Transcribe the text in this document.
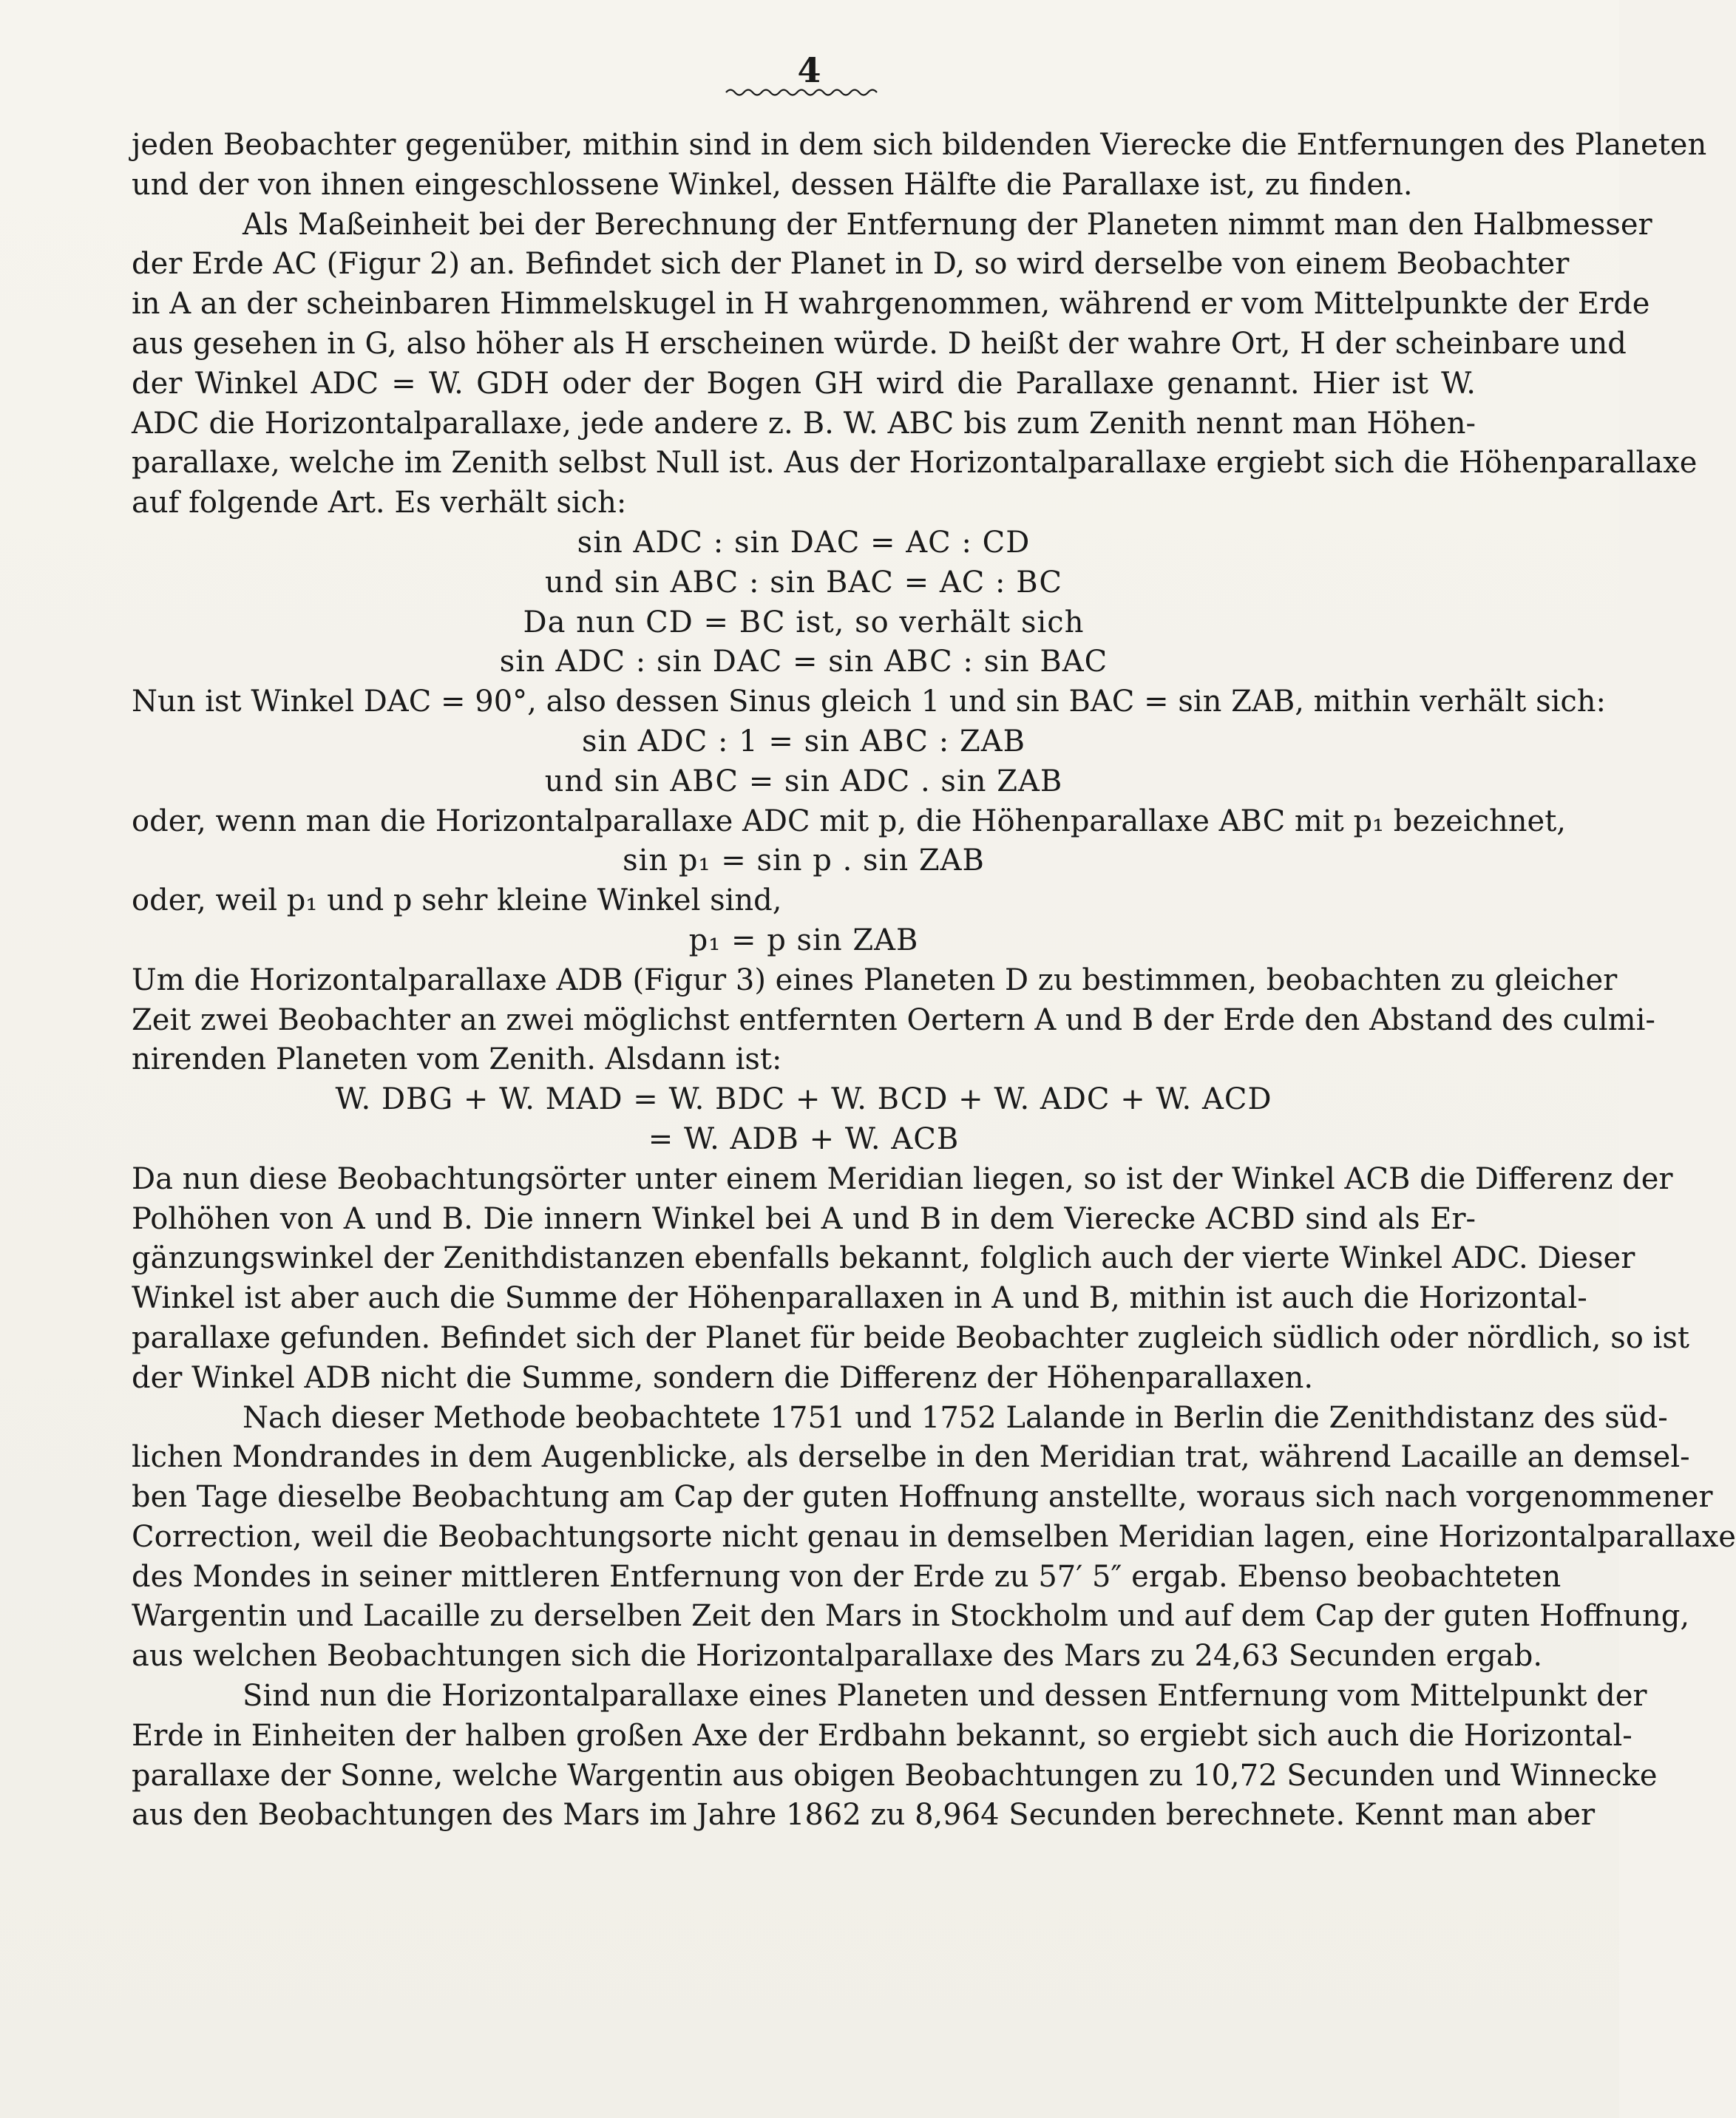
4
jeden Beobachter gegenüber, mithin sind in dem sich bildenden Vierecke die Entfernungen des Planeten
und der von ihnen eingeschlossene Winkel, dessen Hälfte die Parallaxe ist, zu finden.
Als Maßeinheit bei der Berechnung der Entfernung der Planeten nimmt man den Halbmesser
der Erde AC (Figur 2) an. Befindet sich der Planet in D, so wird derselbe von einem Beobachter
in A an der scheinbaren Himmelskugel in H wahrgenommen, während er vom Mittelpunkte der Erde
aus gesehen in G, also höher als H erscheinen würde. D heißt der wahre Ort, H der scheinbare und
der Winkel ADC = W. GDH oder der Bogen GH wird die Parallaxe genannt. Hier ist W.
ADC die Horizontalparallaxe, jede andere z. B. W. ABC bis zum Zenith nennt man Höhen-
parallaxe, welche im Zenith selbst Null ist. Aus der Horizontalparallaxe ergiebt sich die Höhenparallaxe
auf folgende Art. Es verhält sich:
sin ADC : sin DAC = AC : CD
und sin ABC : sin BAC = AC : BC
Da nun CD = BC ist, so verhält sich
sin ADC : sin DAC = sin ABC : sin BAC
Nun ist Winkel DAC = 90°, also dessen Sinus gleich 1 und sin BAC = sin ZAB, mithin verhält sich:
sin ADC : 1 = sin ABC : ZAB
und sin ABC = sin ADC . sin ZAB
oder, wenn man die Horizontalparallaxe ADC mit p, die Höhenparallaxe ABC mit p₁ bezeichnet,
sin p₁ = sin p . sin ZAB
oder, weil p₁ und p sehr kleine Winkel sind,
p₁ = p sin ZAB
Um die Horizontalparallaxe ADB (Figur 3) eines Planeten D zu bestimmen, beobachten zu gleicher
Zeit zwei Beobachter an zwei möglichst entfernten Oertern A und B der Erde den Abstand des culmi-
nirenden Planeten vom Zenith. Alsdann ist:
W. DBG + W. MAD = W. BDC + W. BCD + W. ADC + W. ACD
= W. ADB + W. ACB
Da nun diese Beobachtungsörter unter einem Meridian liegen, so ist der Winkel ACB die Differenz der
Polhöhen von A und B. Die innern Winkel bei A und B in dem Vierecke ACBD sind als Er-
gänzungswinkel der Zenithdistanzen ebenfalls bekannt, folglich auch der vierte Winkel ADC. Dieser
Winkel ist aber auch die Summe der Höhenparallaxen in A und B, mithin ist auch die Horizontal-
parallaxe gefunden. Befindet sich der Planet für beide Beobachter zugleich südlich oder nördlich, so ist
der Winkel ADB nicht die Summe, sondern die Differenz der Höhenparallaxen.
Nach dieser Methode beobachtete 1751 und 1752 Lalande in Berlin die Zenithdistanz des süd-
lichen Mondrandes in dem Augenblicke, als derselbe in den Meridian trat, während Lacaille an demsel-
ben Tage dieselbe Beobachtung am Cap der guten Hoffnung anstellte, woraus sich nach vorgenommener
Correction, weil die Beobachtungsorte nicht genau in demselben Meridian lagen, eine Horizontalparallaxe
des Mondes in seiner mittleren Entfernung von der Erde zu 57′ 5″ ergab. Ebenso beobachteten
Wargentin und Lacaille zu derselben Zeit den Mars in Stockholm und auf dem Cap der guten Hoffnung,
aus welchen Beobachtungen sich die Horizontalparallaxe des Mars zu 24,63 Secunden ergab.
Sind nun die Horizontalparallaxe eines Planeten und dessen Entfernung vom Mittelpunkt der
Erde in Einheiten der halben großen Axe der Erdbahn bekannt, so ergiebt sich auch die Horizontal-
parallaxe der Sonne, welche Wargentin aus obigen Beobachtungen zu 10,72 Secunden und Winnecke
aus den Beobachtungen des Mars im Jahre 1862 zu 8,964 Secunden berechnete. Kennt man aber
